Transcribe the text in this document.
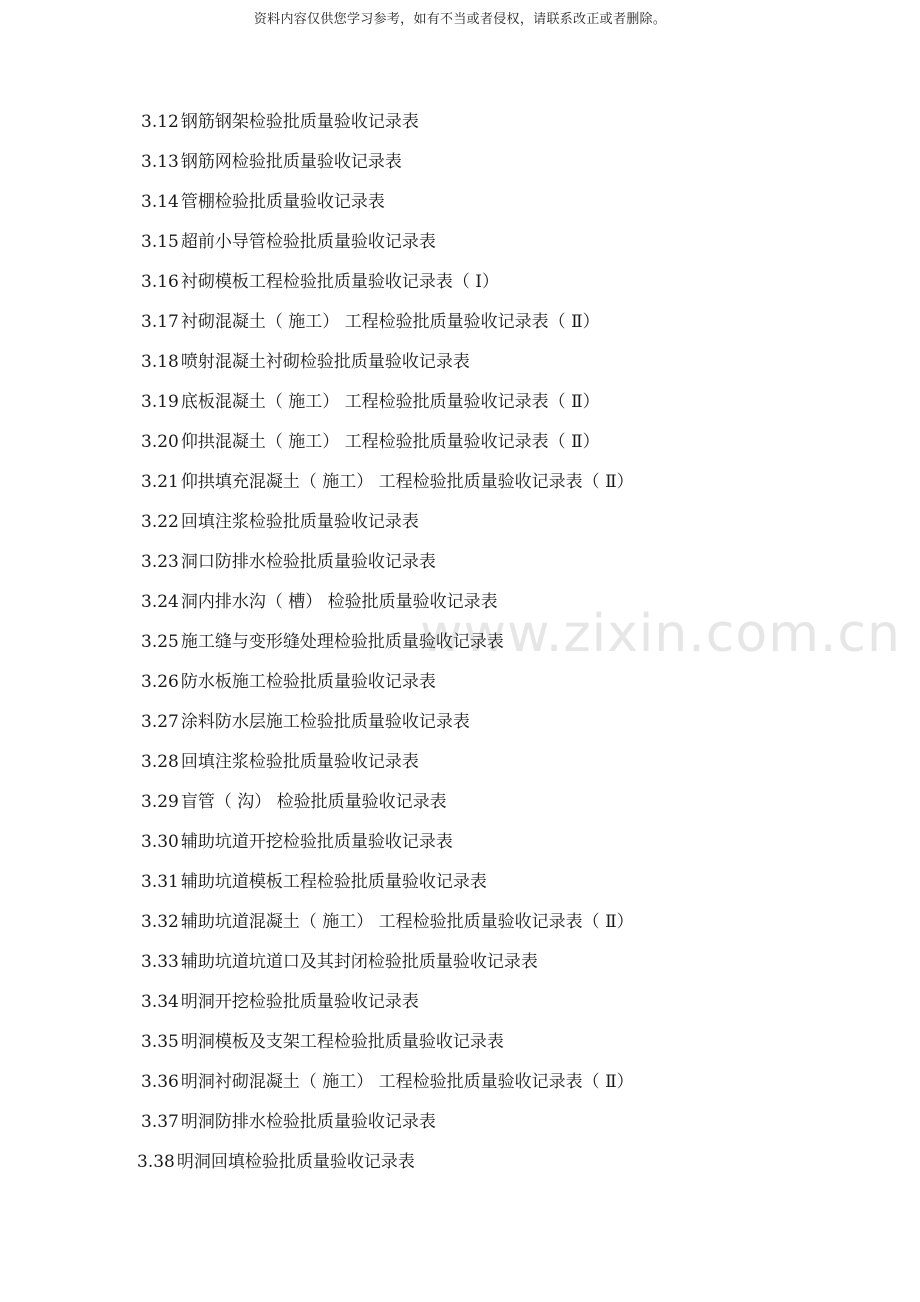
资料内容仅供您学习参考，如有不当或者侵权，请联系改正或者删除。
www.zixin.com.cn
3.12 钢筋钢架检验批质量验收记录表
3.13 钢筋网检验批质量验收记录表
3.14 管棚检验批质量验收记录表
3.15 超前小导管检验批质量验收记录表
3.16 衬砌模板工程检验批质量验收记录表（ Ⅰ）
3.17 衬砌混凝土（ 施工） 工程检验批质量验收记录表（ Ⅱ）
3.18 喷射混凝土衬砌检验批质量验收记录表
3.19 底板混凝土（ 施工） 工程检验批质量验收记录表（ Ⅱ）
3.20 仰拱混凝土（ 施工） 工程检验批质量验收记录表（ Ⅱ）
3.21 仰拱填充混凝土（ 施工） 工程检验批质量验收记录表（ Ⅱ）
3.22 回填注浆检验批质量验收记录表
3.23 洞口防排水检验批质量验收记录表
3.24 洞内排水沟（ 槽） 检验批质量验收记录表
3.25 施工缝与变形缝处理检验批质量验收记录表
3.26 防水板施工检验批质量验收记录表
3.27 涂料防水层施工检验批质量验收记录表
3.28 回填注浆检验批质量验收记录表
3.29 盲管（ 沟） 检验批质量验收记录表
3.30 辅助坑道开挖检验批质量验收记录表
3.31 辅助坑道模板工程检验批质量验收记录表
3.32 辅助坑道混凝土（ 施工） 工程检验批质量验收记录表（ Ⅱ）
3.33 辅助坑道坑道口及其封闭检验批质量验收记录表
3.34 明洞开挖检验批质量验收记录表
3.35 明洞模板及支架工程检验批质量验收记录表
3.36 明洞衬砌混凝土（ 施工） 工程检验批质量验收记录表（ Ⅱ）
3.37 明洞防排水检验批质量验收记录表
3.38 明洞回填检验批质量验收记录表
